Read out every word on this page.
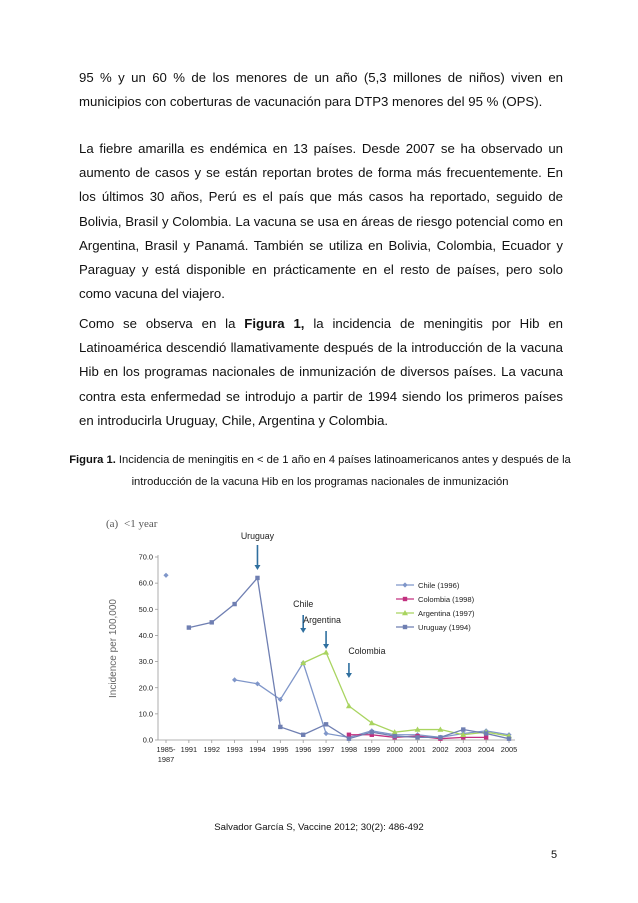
95 % y un 60 % de los menores de un año (5,3 millones de niños) viven en municipios con coberturas de vacunación para DTP3 menores del 95 % (OPS).

La fiebre amarilla es endémica en 13 países. Desde 2007 se ha observado un aumento de casos y se están reportan brotes de forma más frecuentemente. En los últimos 30 años, Perú es el país que más casos ha reportado, seguido de Bolivia, Brasil y Colombia. La vacuna se usa en áreas de riesgo potencial como en Argentina, Brasil y Panamá. También se utiliza en Bolivia, Colombia, Ecuador y Paraguay y está disponible en prácticamente en el resto de países, pero solo como vacuna del viajero.

Como se observa en la Figura 1, la incidencia de meningitis por Hib en Latinoamérica descendió llamativamente después de la introducción de la vacuna Hib en los programas nacionales de inmunización de diversos países. La vacuna contra esta enfermedad se introdujo a partir de 1994 siendo los primeros países en introducirla Uruguay, Chile, Argentina y Colombia.

Figura 1. Incidencia de meningitis en < de 1 año en 4 países latinoamericanos antes y después de la introducción de la vacuna Hib en los programas nacionales de inmunización

(a) <1 year
Incidence per 100,000
0.0
10.0
20.0
30.0
40.0
50.0
60.0
70.0
1985-1987
1991 1992 1993 1994 1995 1996 1997 1998 1999 2000 2001 2002 2003 2004 2005
Chile (1996)
Colombia (1998)
Argentina (1997)
Uruguay (1994)
Uruguay
Chile
Argentina
Colombia
Salvador García S, Vaccine 2012; 30(2): 486-492
5
